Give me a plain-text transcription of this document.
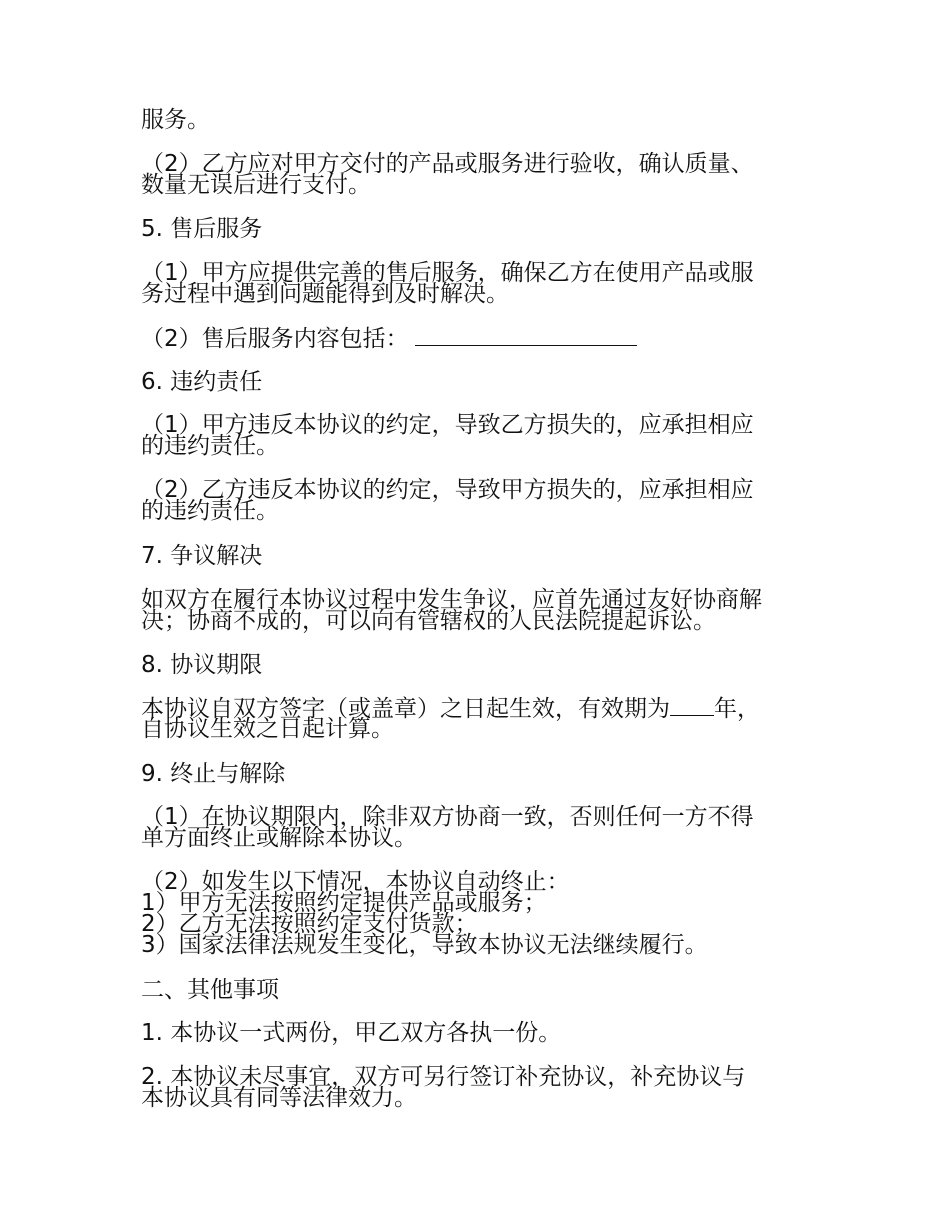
服务。
（2）乙方应对甲方交付的产品或服务进行验收，确认质量、
数量无误后进行支付。
5. 售后服务
（1）甲方应提供完善的售后服务，确保乙方在使用产品或服
务过程中遇到问题能得到及时解决。
（2）售后服务内容包括：
6. 违约责任
（1）甲方违反本协议的约定，导致乙方损失的，应承担相应
的违约责任。
（2）乙方违反本协议的约定，导致甲方损失的，应承担相应
的违约责任。
7. 争议解决
如双方在履行本协议过程中发生争议，应首先通过友好协商解
决；协商不成的，可以向有管辖权的人民法院提起诉讼。
8. 协议期限
本协议自双方签字（或盖章）之日起生效，有效期为 年，
自协议生效之日起计算。
9. 终止与解除
（1）在协议期限内，除非双方协商一致，否则任何一方不得
单方面终止或解除本协议。
（2）如发生以下情况，本协议自动终止：
1）甲方无法按照约定提供产品或服务；
2）乙方无法按照约定支付货款；
3）国家法律法规发生变化，导致本协议无法继续履行。
二、其他事项
1. 本协议一式两份，甲乙双方各执一份。
2. 本协议未尽事宜，双方可另行签订补充协议，补充协议与
本协议具有同等法律效力。
